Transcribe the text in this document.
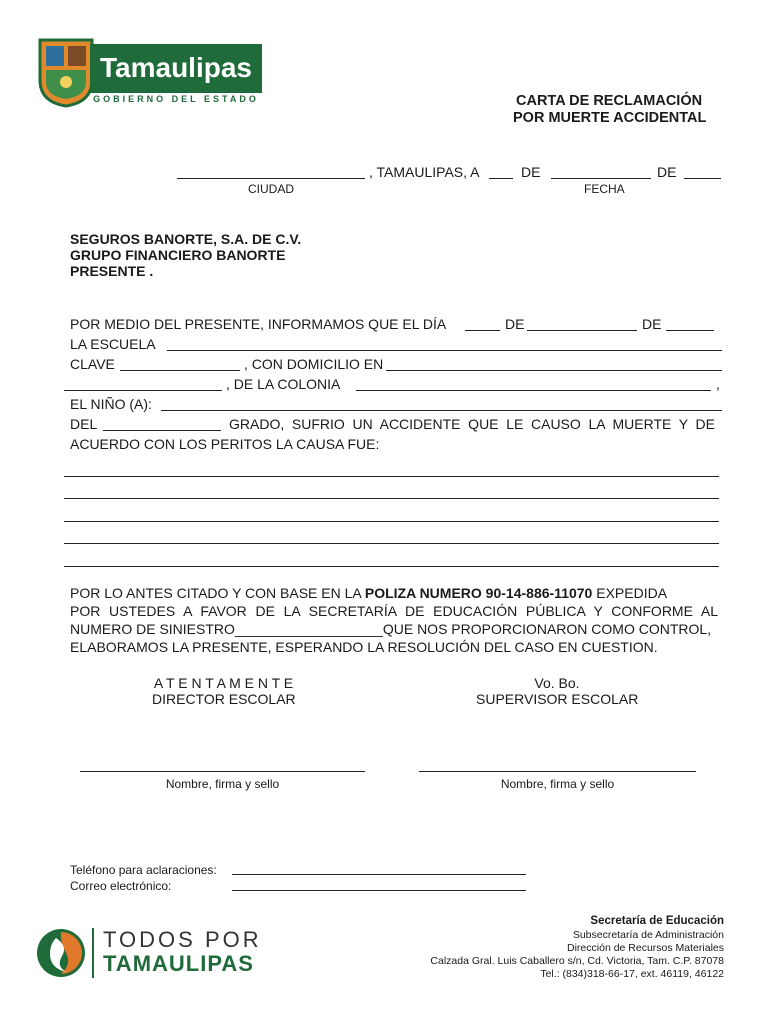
Tamaulipas
GOBIERNO DEL ESTADO	CARTA DE RECLAMACIÓN
POR MUERTE ACCIDENTAL
, TAMAULIPAS, A	DE	DE
CIUDAD	FECHA
SEGUROS BANORTE, S.A. DE C.V.
GRUPO FINANCIERO BANORTE
PRESENTE .
POR MEDIO DEL PRESENTE, INFORMAMOS QUE EL DÍA	DE	DE
LA ESCUELA
CLAVE	, CON DOMICILIO EN
, DE LA COLONIA	,
EL NIÑO (A):
DEL	GRADO, SUFRIO UN ACCIDENTE QUE LE CAUSO LA MUERTE Y DE
ACUERDO CON LOS PERITOS LA CAUSA FUE:
POR LO ANTES CITADO Y CON BASE EN LA POLIZA NUMERO 90-14-886-11070 EXPEDIDA
POR USTEDES A FAVOR DE LA SECRETARÍA DE EDUCACIÓN PÚBLICA Y CONFORME AL
NUMERO DE SINIESTRO___________________QUE NOS PROPORCIONARON COMO CONTROL,
ELABORAMOS LA PRESENTE, ESPERANDO LA RESOLUCIÓN DEL CASO EN CUESTION.
A T E N T A M E N T E
DIRECTOR ESCOLAR
Vo. Bo.
SUPERVISOR ESCOLAR
Nombre, firma y sello	Nombre, firma y sello
Teléfono para aclaraciones:
Correo electrónico:
TODOS POR
TAMAULIPAS
Secretaría de Educación
Subsecretaría de Administración
Dirección de Recursos Materiales
Calzada Gral. Luis Caballero s/n, Cd. Victoria, Tam. C.P. 87078
Tel.: (834)318-66-17, ext. 46119, 46122
